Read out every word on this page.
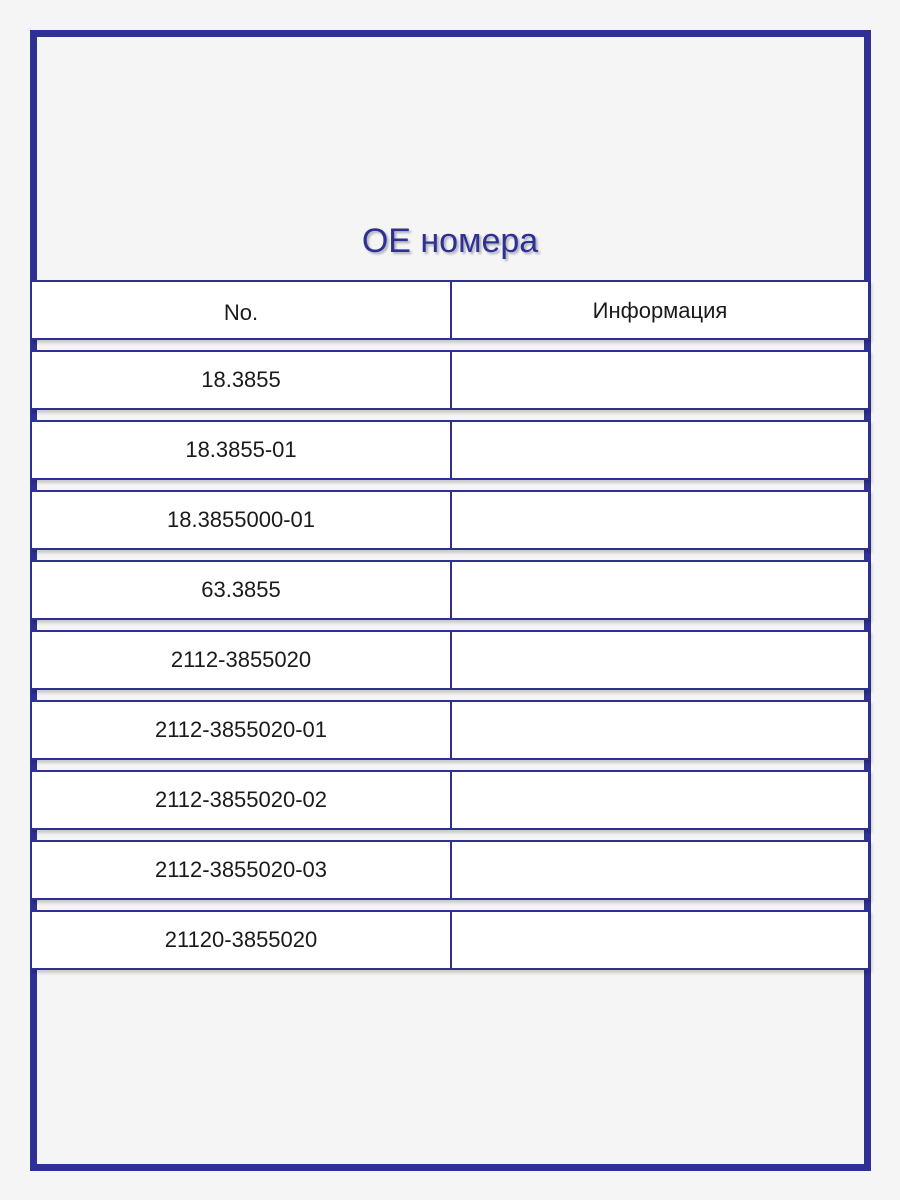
OE номера
No.	Информация
18.3855
18.3855-01
18.3855000-01
63.3855
2112-3855020
2112-3855020-01
2112-3855020-02
2112-3855020-03
21120-3855020
